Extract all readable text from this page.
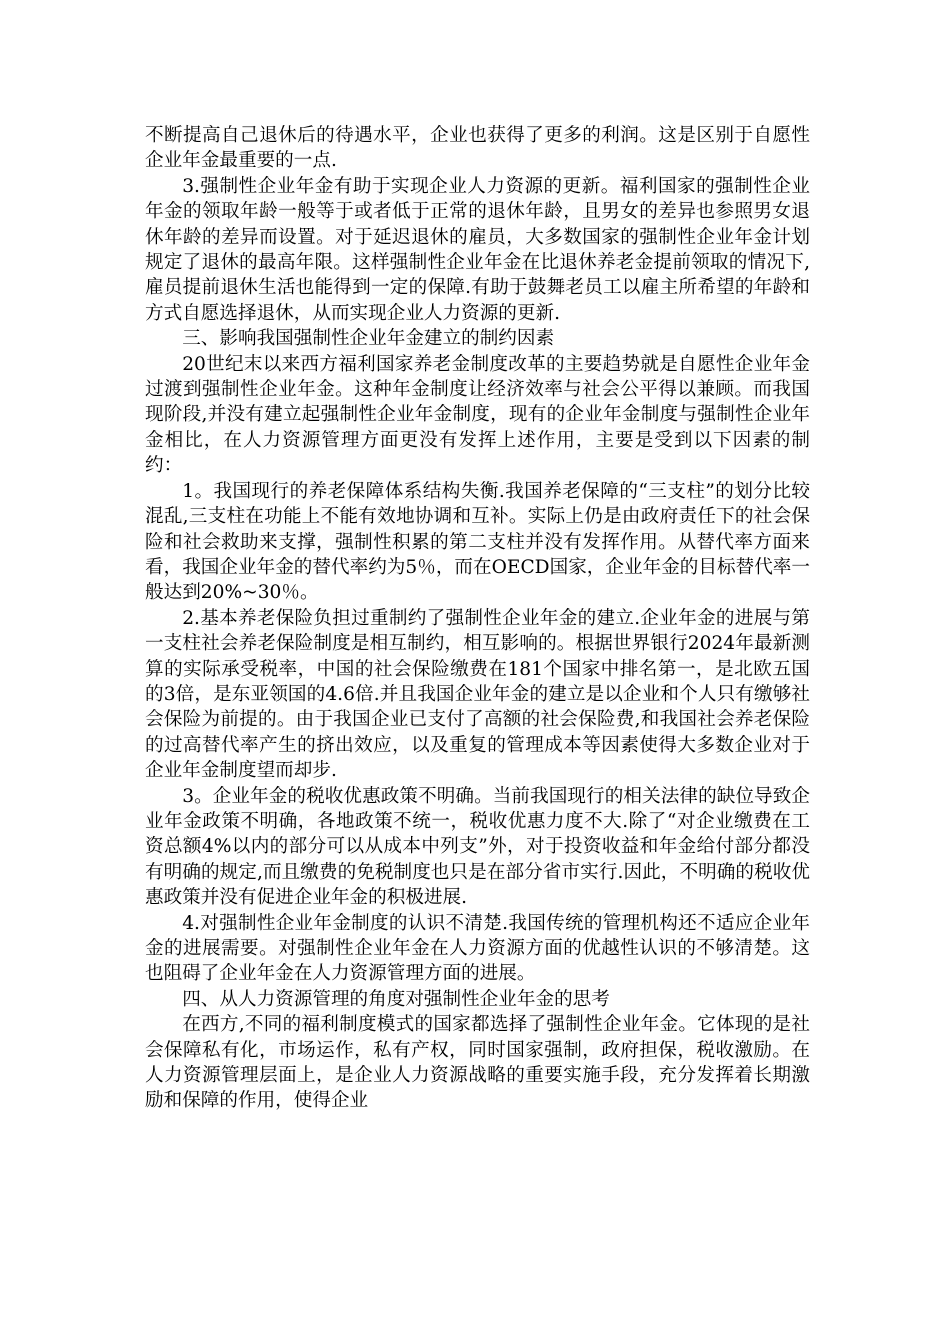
不断提高自己退休后的待遇水平，企业也获得了更多的利润。这是区别于自愿性企业年金最重要的一点.

3.强制性企业年金有助于实现企业人力资源的更新。福利国家的强制性企业年金的领取年龄一般等于或者低于正常的退休年龄，且男女的差异也参照男女退休年龄的差异而设置。对于延迟退休的雇员，大多数国家的强制性企业年金计划规定了退休的最高年限。这样强制性企业年金在比退休养老金提前领取的情况下,雇员提前退休生活也能得到一定的保障.有助于鼓舞老员工以雇主所希望的年龄和方式自愿选择退休，从而实现企业人力资源的更新.

三、影响我国强制性企业年金建立的制约因素

20世纪末以来西方福利国家养老金制度改革的主要趋势就是自愿性企业年金过渡到强制性企业年金。这种年金制度让经济效率与社会公平得以兼顾。而我国现阶段,并没有建立起强制性企业年金制度，现有的企业年金制度与强制性企业年金相比，在人力资源管理方面更没有发挥上述作用，主要是受到以下因素的制约：

1。我国现行的养老保障体系结构失衡.我国养老保障的“三支柱”的划分比较混乱,三支柱在功能上不能有效地协调和互补。实际上仍是由政府责任下的社会保险和社会救助来支撑，强制性积累的第二支柱并没有发挥作用。从替代率方面来看，我国企业年金的替代率约为5％，而在OECD国家，企业年金的目标替代率一般达到20%~30％。

2.基本养老保险负担过重制约了强制性企业年金的建立.企业年金的进展与第一支柱社会养老保险制度是相互制约，相互影响的。根据世界银行2024年最新测算的实际承受税率，中国的社会保险缴费在181个国家中排名第一，是北欧五国的3倍，是东亚领国的4.6倍.并且我国企业年金的建立是以企业和个人只有缴够社会保险为前提的。由于我国企业已支付了高额的社会保险费,和我国社会养老保险的过高替代率产生的挤出效应，以及重复的管理成本等因素使得大多数企业对于企业年金制度望而却步.

3。企业年金的税收优惠政策不明确。当前我国现行的相关法律的缺位导致企业年金政策不明确，各地政策不统一，税收优惠力度不大.除了“对企业缴费在工资总额4%以内的部分可以从成本中列支”外，对于投资收益和年金给付部分都没有明确的规定,而且缴费的免税制度也只是在部分省市实行.因此，不明确的税收优惠政策并没有促进企业年金的积极进展.

4.对强制性企业年金制度的认识不清楚.我国传统的管理机构还不适应企业年金的进展需要。对强制性企业年金在人力资源方面的优越性认识的不够清楚。这也阻碍了企业年金在人力资源管理方面的进展。

四、从人力资源管理的角度对强制性企业年金的思考

在西方,不同的福利制度模式的国家都选择了强制性企业年金。它体现的是社会保障私有化，市场运作，私有产权，同时国家强制，政府担保，税收激励。在人力资源管理层面上，是企业人力资源战略的重要实施手段，充分发挥着长期激励和保障的作用，使得企业
